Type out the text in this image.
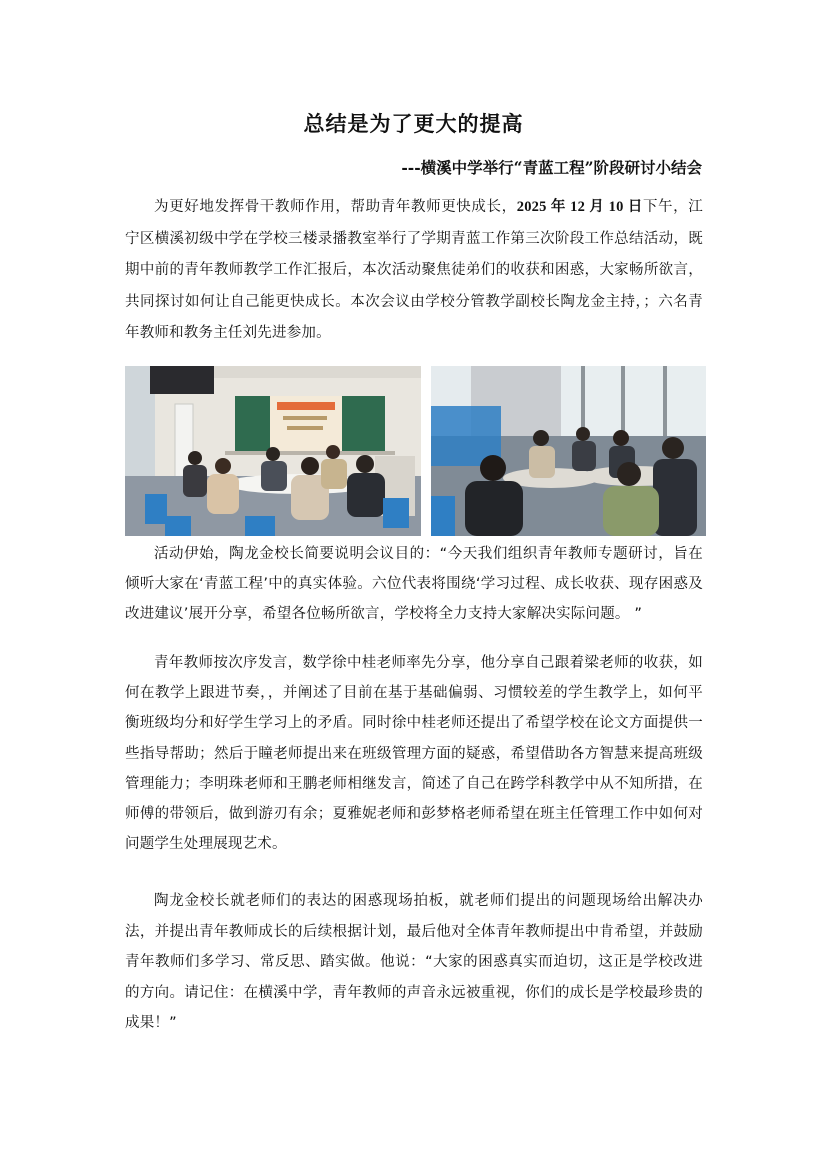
总结是为了更大的提高
---横溪中学举行“青蓝工程”阶段研讨小结会

为更好地发挥骨干教师作用，帮助青年教师更快成长，2025 年 12 月 10 日下午，江宁区横溪初级中学在学校三楼录播教室举行了学期青蓝工作第三次阶段工作总结活动，既期中前的青年教师教学工作汇报后，本次活动聚焦徒弟们的收获和困惑，大家畅所欲言，共同探讨如何让自己能更快成长。本次会议由学校分管教学副校长陶龙金主持，；六名青年教师和教务主任刘先进参加。

活动伊始，陶龙金校长简要说明会议目的：“今天我们组织青年教师专题研讨，旨在倾听大家在‘青蓝工程’中的真实体验。六位代表将围绕‘学习过程、成长收获、现存困惑及改进建议’展开分享，希望各位畅所欲言，学校将全力支持大家解决实际问题。 ”

青年教师按次序发言，数学徐中桂老师率先分享，他分享自己跟着梁老师的收获，如何在教学上跟进节奏，，并阐述了目前在基于基础偏弱、习惯较差的学生教学上，如何平衡班级均分和好学生学习上的矛盾。同时徐中桂老师还提出了希望学校在论文方面提供一些指导帮助；然后于瞳老师提出来在班级管理方面的疑惑，希望借助各方智慧来提高班级管理能力；李明珠老师和王鹏老师相继发言，简述了自己在跨学科教学中从不知所措，在师傅的带领后，做到游刃有余；夏雅妮老师和彭梦格老师希望在班主任管理工作中如何对问题学生处理展现艺术。

陶龙金校长就老师们的表达的困惑现场拍板，就老师们提出的问题现场给出解决办法，并提出青年教师成长的后续根据计划，最后他对全体青年教师提出中肯希望，并鼓励青年教师们多学习、常反思、踏实做。他说：“大家的困惑真实而迫切，这正是学校改进的方向。请记住：在横溪中学，青年教师的声音永远被重视，你们的成长是学校最珍贵的成果！”
